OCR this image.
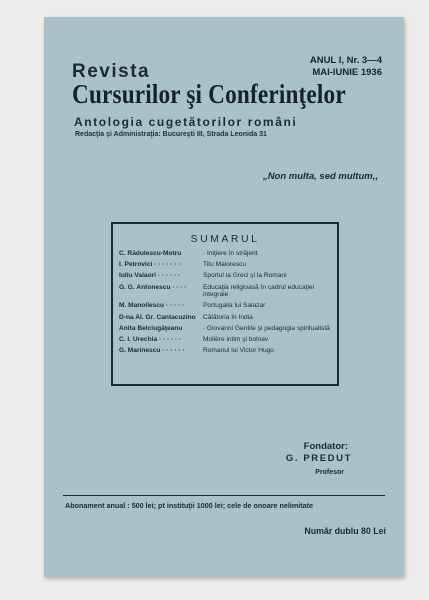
ANUL I, Nr. 3—4
MAI-IUNIE 1936
Revista
Cursurilor şi Conferinţelor
Antologia cugetătorilor români
Redacţia şi Administraţia: Bucureşti III, Strada Leonida 31
„Non multa, sed multum,,
SUMARUL
C. Rădulescu-Motru	· Iniţiere în străjerit
I. Petrovici · · · · · · ·	Titu Maiorescu
Iuliu Valaori · · · · · ·	Sportul la Greci şi la Romani
G. G. Antonescu · · · ·	Educaţia religioasă în cadrul educaţiei integrale
M. Manoilescu · · · · ·	Portugalia lui Salazar
D-na Al. Gr. Cantacuzino	Călătoria în India
Anita Belciugăţeanu	· Giovanni Gentile şi pedagogia spiritualistă
C. I. Urechia · · · · · ·	Molière intim şi bolnav
G. Marinescu · · · · · ·	Romanul lui Victor Hugo
Fondator:
G. PREDUT
Profesor
Abonament anual : 500 lei; pt instituţii 1000 lei; cele de onoare nelimitate
Număr dublu 80 Lei
